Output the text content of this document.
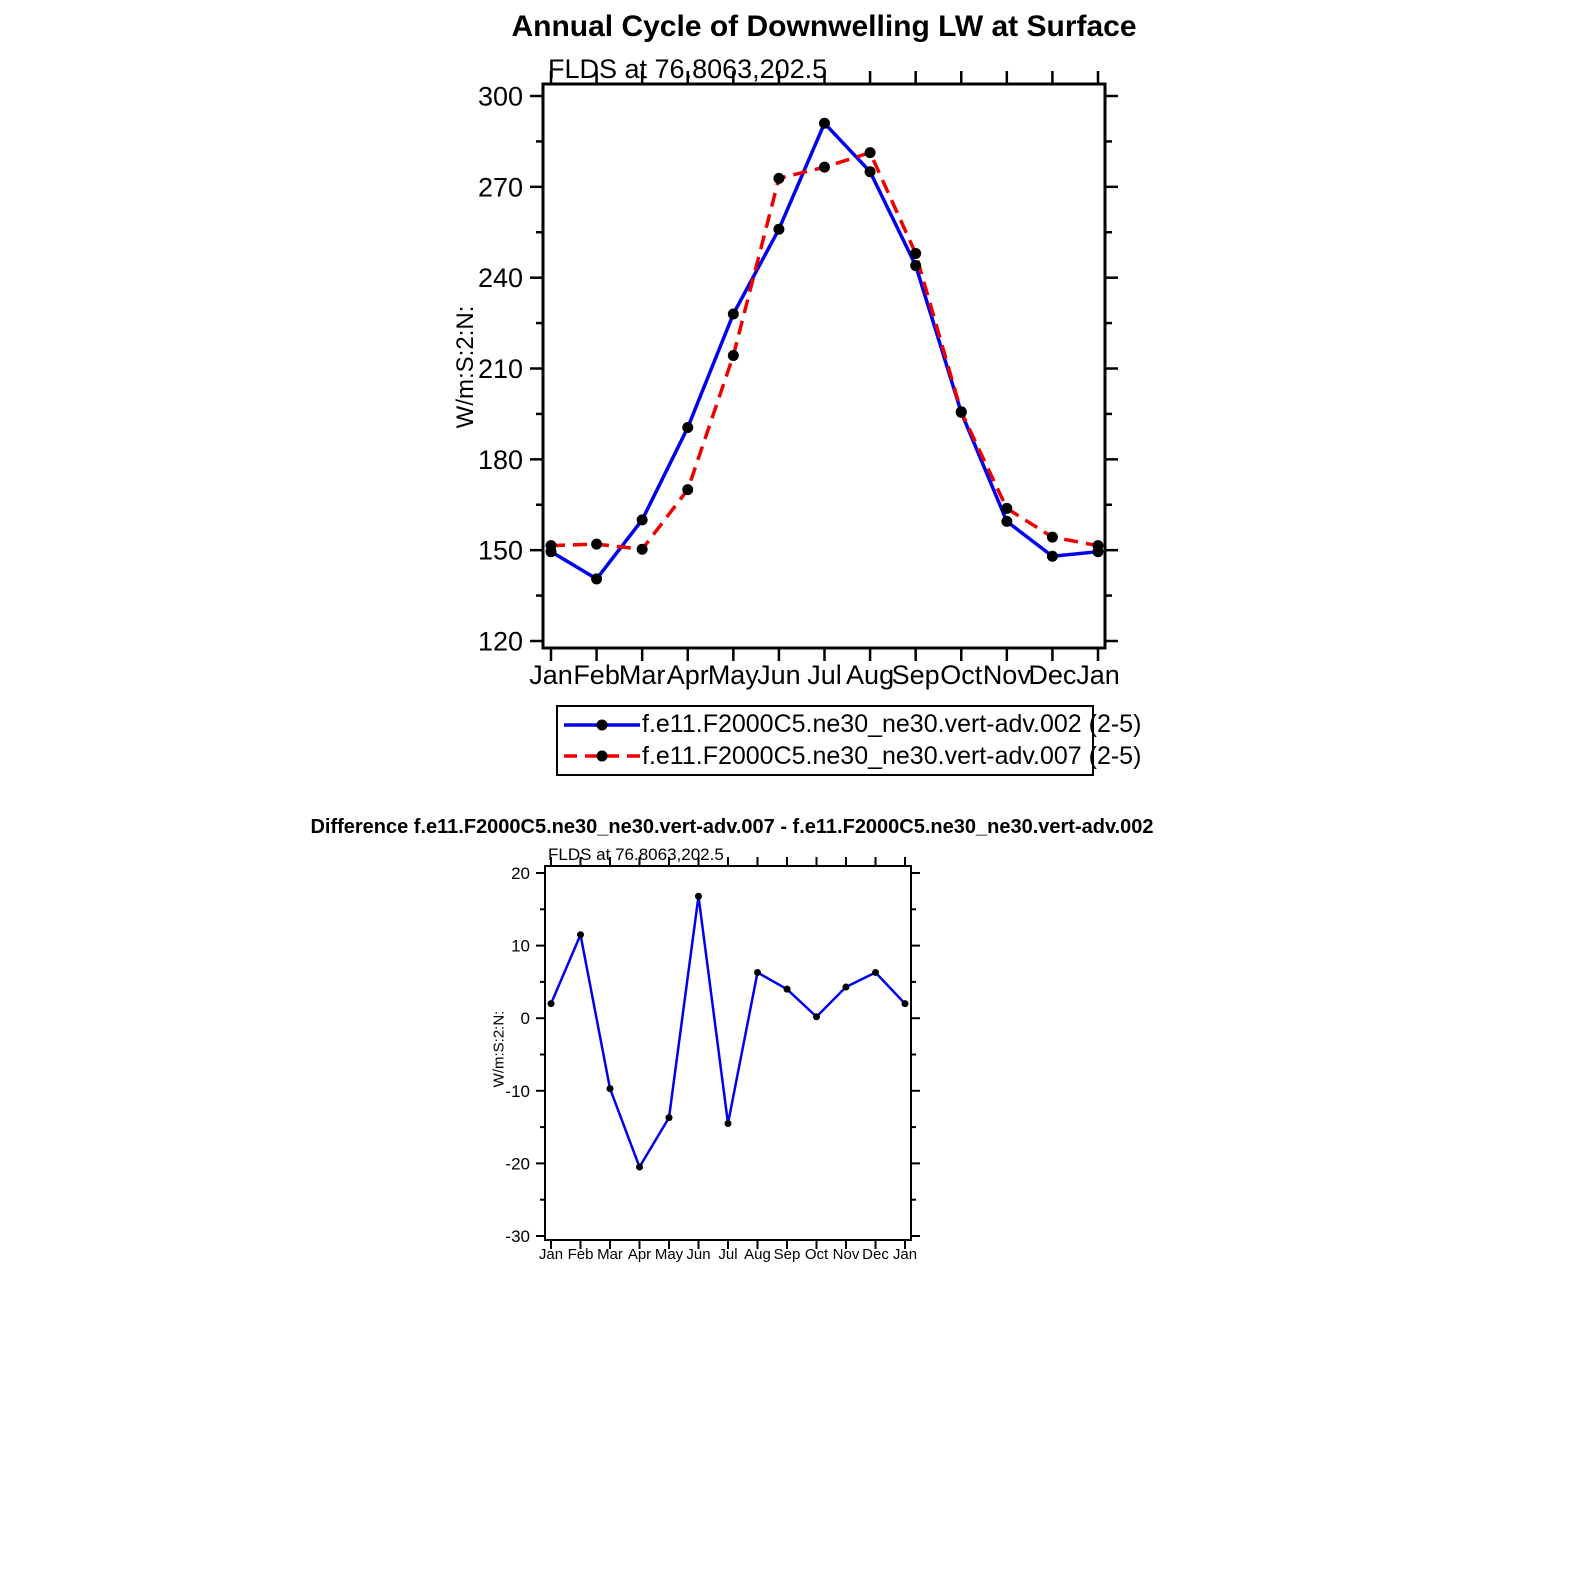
Jan Feb Mar Apr May
Jun Jul Aug
Sep Oct Nov
Dec Jan
120
150
180
210
240
270
300
Jan Feb Mar Apr May Jun Jul Aug Sep Oct Nov Dec Jan
-30
-20
-10
0
10
20
Annual Cycle of Downwelling LW at Surface
FLDS at 76.8063,202.5
W/m:S:2:N:
f.e11.F2000C5.ne30_ne30.vert-adv.002 (2-5)
f.e11.F2000C5.ne30_ne30.vert-adv.007 (2-5)
Difference f.e11.F2000C5.ne30_ne30.vert-adv.007 - f.e11.F2000C5.ne30_ne30.vert-adv.002
FLDS at 76.8063,202.5
W/m:S:2:N:
